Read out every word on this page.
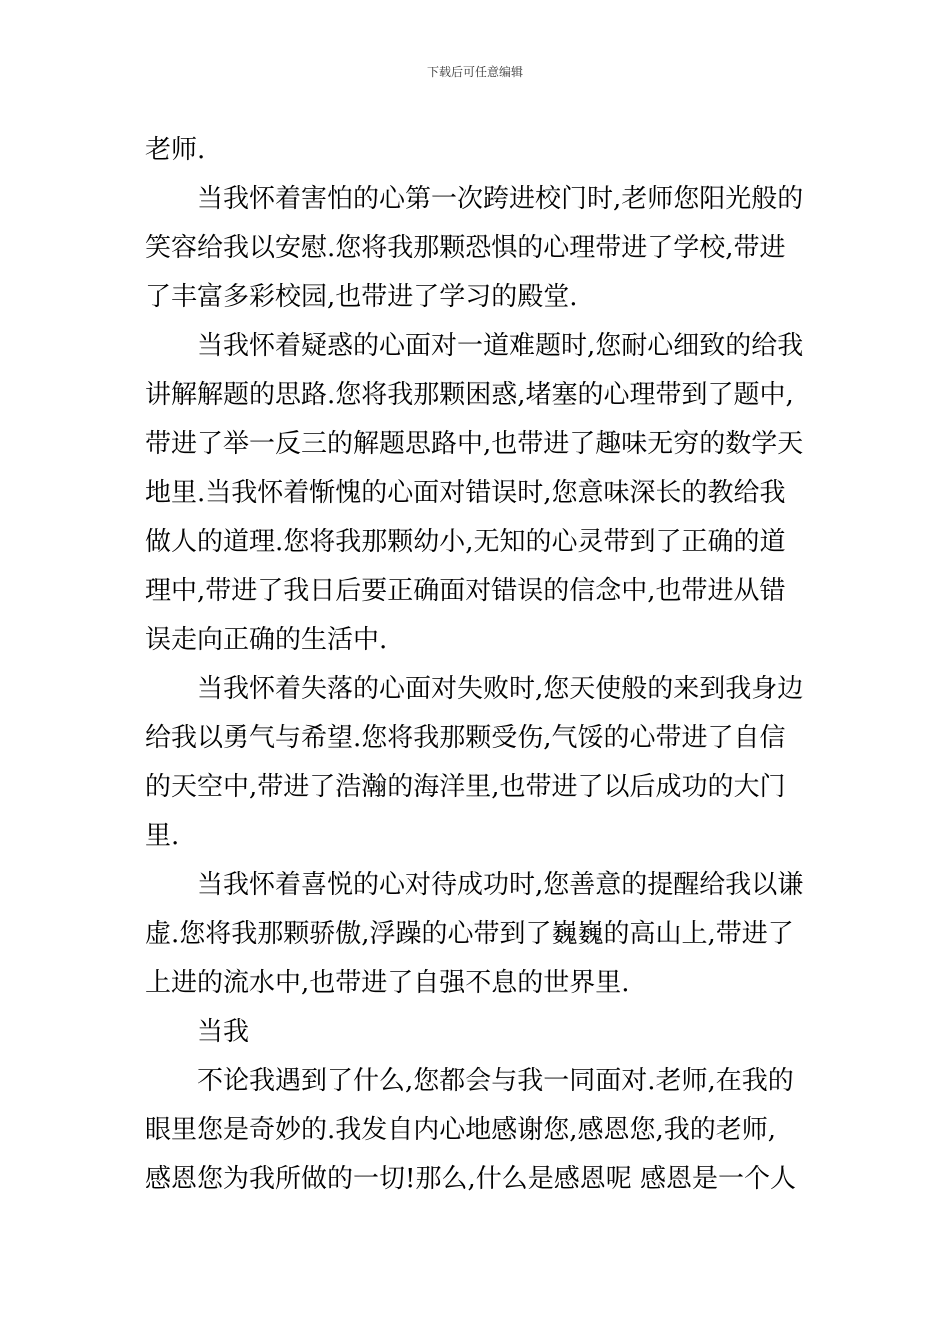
下载后可任意编辑
老师.
当我怀着害怕的心第一次跨进校门时,老师您阳光般的
笑容给我以安慰.您将我那颗恐惧的心理带进了学校,带进
了丰富多彩校园,也带进了学习的殿堂.
当我怀着疑惑的心面对一道难题时,您耐心细致的给我
讲解解题的思路.您将我那颗困惑,堵塞的心理带到了题中,
带进了举一反三的解题思路中,也带进了趣味无穷的数学天
地里.当我怀着惭愧的心面对错误时,您意味深长的教给我
做人的道理.您将我那颗幼小,无知的心灵带到了正确的道
理中,带进了我日后要正确面对错误的信念中,也带进从错
误走向正确的生活中.
当我怀着失落的心面对失败时,您天使般的来到我身边
给我以勇气与希望.您将我那颗受伤,气馁的心带进了自信
的天空中,带进了浩瀚的海洋里,也带进了以后成功的大门
里.
当我怀着喜悦的心对待成功时,您善意的提醒给我以谦
虚.您将我那颗骄傲,浮躁的心带到了巍巍的高山上,带进了
上进的流水中,也带进了自强不息的世界里.
当我
不论我遇到了什么,您都会与我一同面对.老师,在我的
眼里您是奇妙的.我发自内心地感谢您,感恩您,我的老师,
感恩您为我所做的一切!那么,什么是感恩呢 感恩是一个人
